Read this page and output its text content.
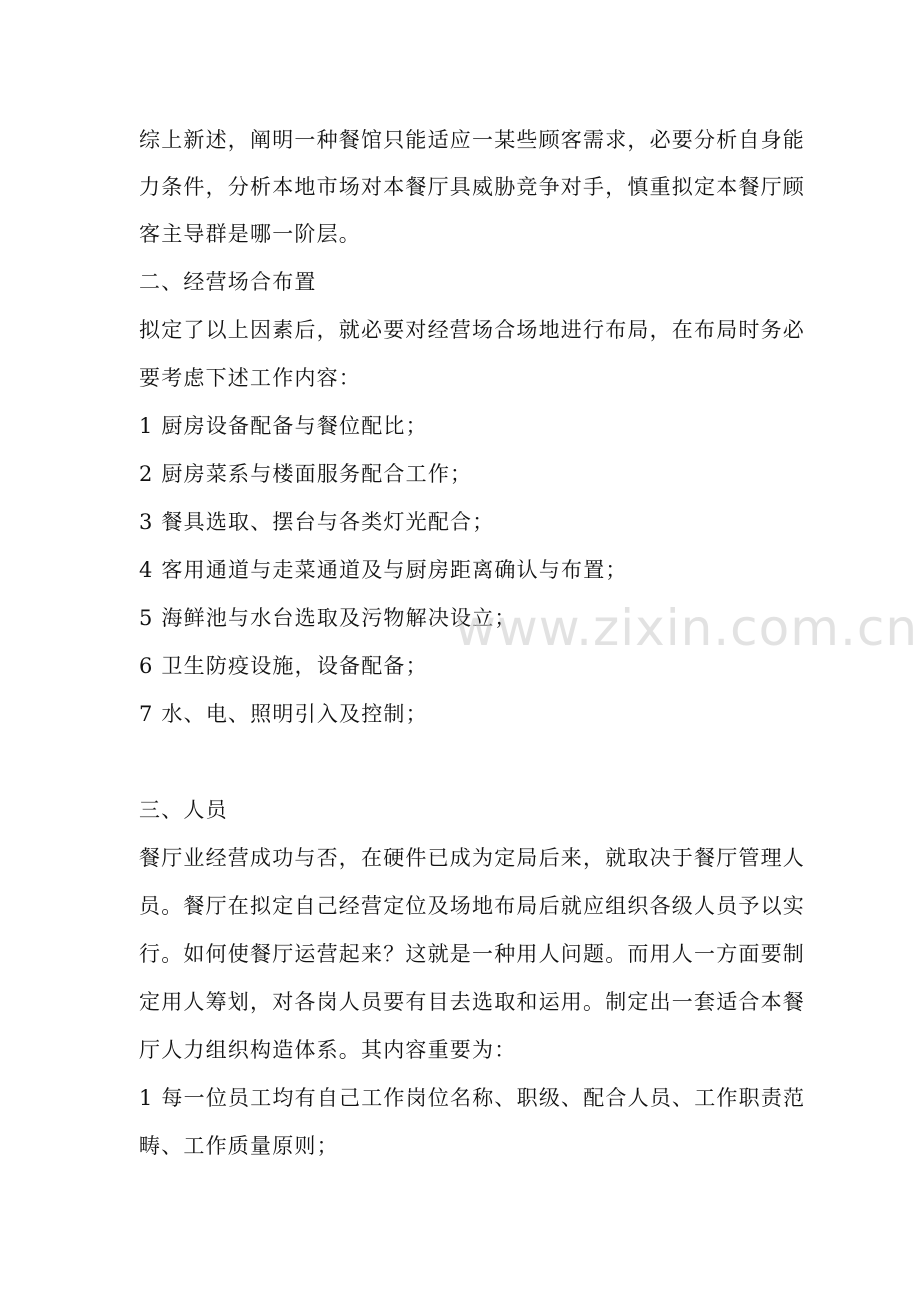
综上新述，阐明一种餐馆只能适应一某些顾客需求，必要分析自身能
力条件，分析本地市场对本餐厅具威胁竞争对手，慎重拟定本餐厅顾
客主导群是哪一阶层。
二、经营场合布置
拟定了以上因素后，就必要对经营场合场地进行布局，在布局时务必
要考虑下述工作内容：
1 厨房设备配备与餐位配比；
2 厨房菜系与楼面服务配合工作；
3 餐具选取、摆台与各类灯光配合；
4 客用通道与走菜通道及与厨房距离确认与布置；
5 海鲜池与水台选取及污物解决设立；
6 卫生防疫设施，设备配备；
7 水、电、照明引入及控制；
三、人员
餐厅业经营成功与否，在硬件已成为定局后来，就取决于餐厅管理人
员。餐厅在拟定自己经营定位及场地布局后就应组织各级人员予以实
行。如何使餐厅运营起来？这就是一种用人问题。而用人一方面要制
定用人筹划，对各岗人员要有目去选取和运用。制定出一套适合本餐
厅人力组织构造体系。其内容重要为：
1 每一位员工均有自己工作岗位名称、职级、配合人员、工作职责范
畴、工作质量原则；
www.zixin.com.cn
